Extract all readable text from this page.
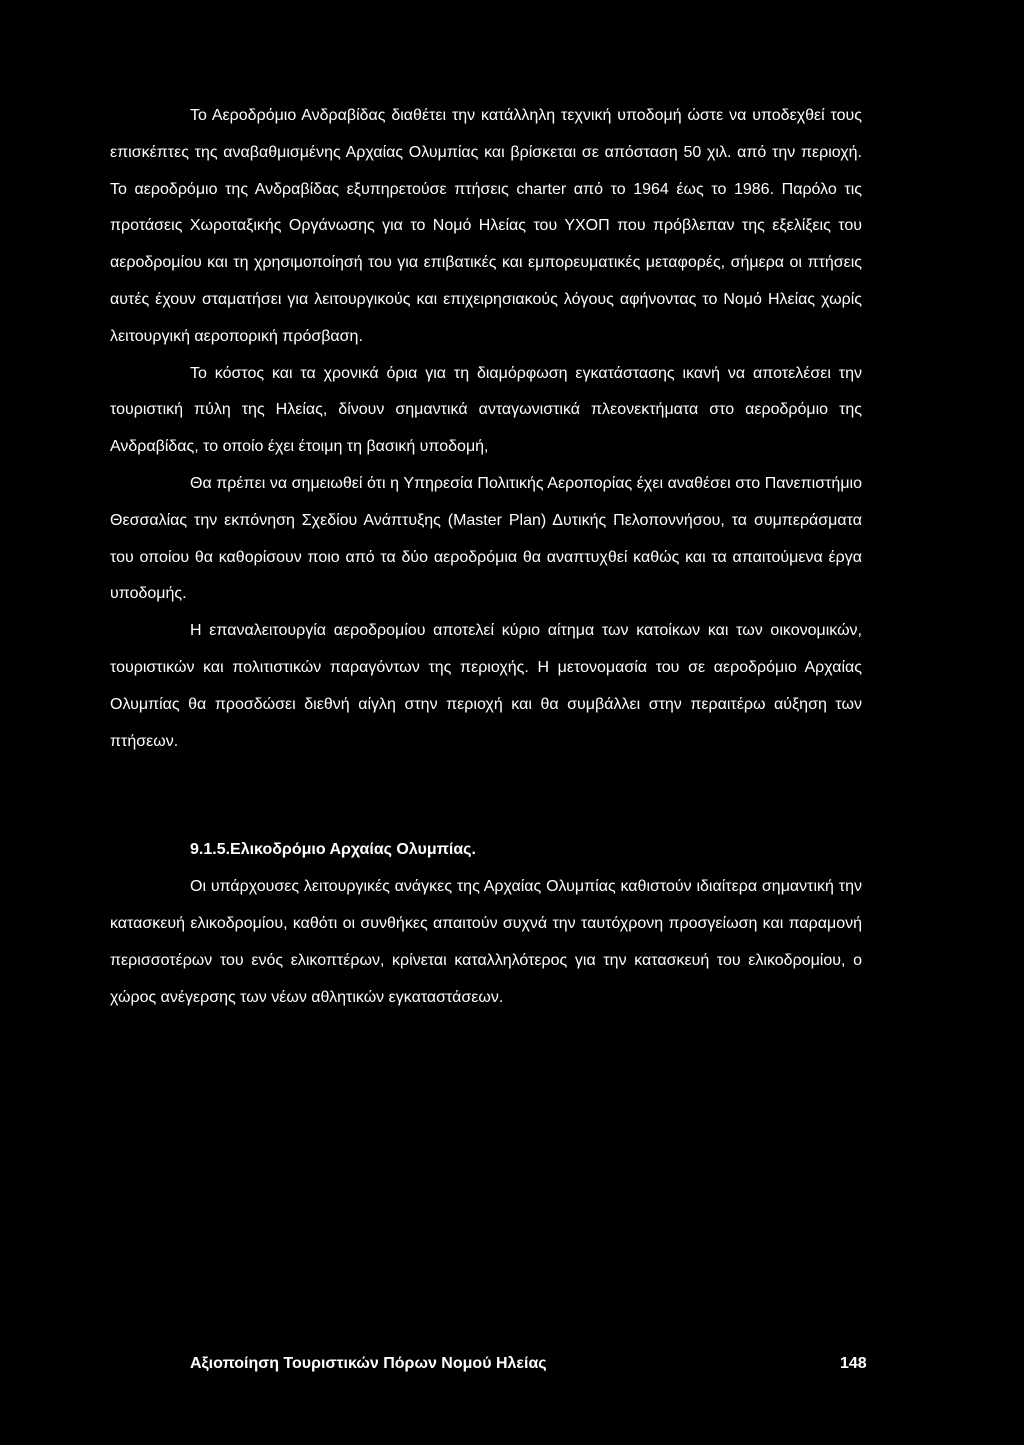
Το Αεροδρόμιο Ανδραβίδας διαθέτει την κατάλληλη τεχνική υποδομή ώστε να υποδεχθεί τους επισκέπτες της αναβαθμισμένης Αρχαίας Ολυμπίας και βρίσκεται σε απόσταση 50 χιλ. από την περιοχή. Το αεροδρόμιο της Ανδραβίδας εξυπηρετούσε πτήσεις charter από το 1964 έως το 1986. Παρόλο τις προτάσεις Χωροταξικής Οργάνωσης για το Νομό Ηλείας του ΥΧΟΠ που πρόβλεπαν της εξελίξεις του αεροδρομίου και τη χρησιμοποίησή του για επιβατικές και εμπορευματικές μεταφορές, σήμερα οι πτήσεις αυτές έχουν σταματήσει για λειτουργικούς και επιχειρησιακούς λόγους αφήνοντας το Νομό Ηλείας χωρίς λειτουργική αεροπορική πρόσβαση.

Το κόστος και τα χρονικά όρια για τη διαμόρφωση εγκατάστασης ικανή να αποτελέσει την τουριστική πύλη της Ηλείας, δίνουν σημαντικά ανταγωνιστικά πλεονεκτήματα στο αεροδρόμιο της Ανδραβίδας, το οποίο έχει έτοιμη τη βασική υποδομή,

Θα πρέπει να σημειωθεί ότι η Υπηρεσία Πολιτικής Αεροπορίας έχει αναθέσει στο Πανεπιστήμιο Θεσσαλίας την εκπόνηση Σχεδίου Ανάπτυξης (Master Plan) Δυτικής Πελοποννήσου, τα συμπεράσματα του οποίου θα καθορίσουν ποιο από τα δύο αεροδρόμια θα αναπτυχθεί καθώς και τα απαιτούμενα έργα υποδομής.

Η επαναλειτουργία αεροδρομίου αποτελεί κύριο αίτημα των κατοίκων και των οικονομικών, τουριστικών και πολιτιστικών παραγόντων της περιοχής. Η μετονομασία του σε αεροδρόμιο Αρχαίας Ολυμπίας θα προσδώσει διεθνή αίγλη στην περιοχή και θα συμβάλλει στην περαιτέρω αύξηση των πτήσεων.

9.1.5.Ελικοδρόμιο Αρχαίας Ολυμπίας.

Οι υπάρχουσες λειτουργικές ανάγκες της Αρχαίας Ολυμπίας καθιστούν ιδιαίτερα σημαντική την κατασκευή ελικοδρομίου, καθότι οι συνθήκες απαιτούν συχνά την ταυτόχρονη προσγείωση και παραμονή περισσοτέρων του ενός ελικοπτέρων, κρίνεται καταλληλότερος για την κατασκευή του ελικοδρομίου, ο χώρος ανέγερσης των νέων αθλητικών εγκαταστάσεων.

Αξιοποίηση Τουριστικών Πόρων Νομού Ηλείας	148
